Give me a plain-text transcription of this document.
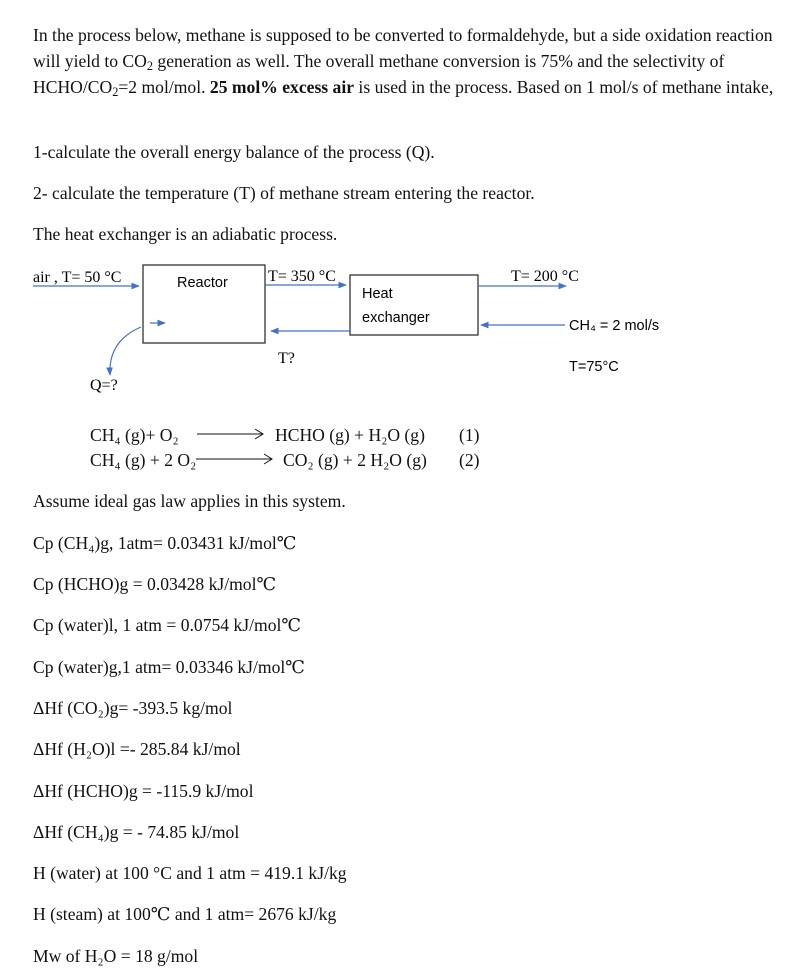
In the process below, methane is supposed to be converted to formaldehyde, but a side oxidation reaction will yield to $CO_2$ generation as well. The overall methane conversion is 75% and the selectivity of HCHO/$CO_2=2$ mol/mol. 25 mol% excess air is used in the process. Based on 1 mol/s of methane intake,

1-calculate the overall energy balance of the process (Q).
2- calculate the temperature (T) of methane stream entering the reactor.
The heat exchanger is an adiabatic process.
air , T= 50 °C	Reactor	T= 350 °C
Heat
exchanger
T= 200 °C
CH₄ = 2 mol/s
T=75°C
T?
Q=?
CH₄ (g)+ O₂
CH₄ (g) + 2 O₂
HCHO (g) + H₂O (g)
CO₂ (g) + 2 H₂O (g)
(1)
(2)
Assume ideal gas law applies in this system.
Cp (CH₄)g, 1atm= 0.03431 kJ/mol℃
Cp (HCHO)g = 0.03428 kJ/mol℃
Cp (water)l, 1 atm = 0.0754 kJ/mol℃
Cp (water)g,1 atm= 0.03346 kJ/mol℃
ΔHf (CO₂)g= -393.5 kg/mol
ΔHf (H₂O)l =- 285.84 kJ/mol
ΔHf (HCHO)g = -115.9 kJ/mol
ΔHf (CH₄)g = - 74.85 kJ/mol
H (water) at 100 °C and 1 atm = 419.1 kJ/kg
H (steam) at 100℃ and 1 atm= 2676 kJ/kg
Mw of H₂O = 18 g/mol
